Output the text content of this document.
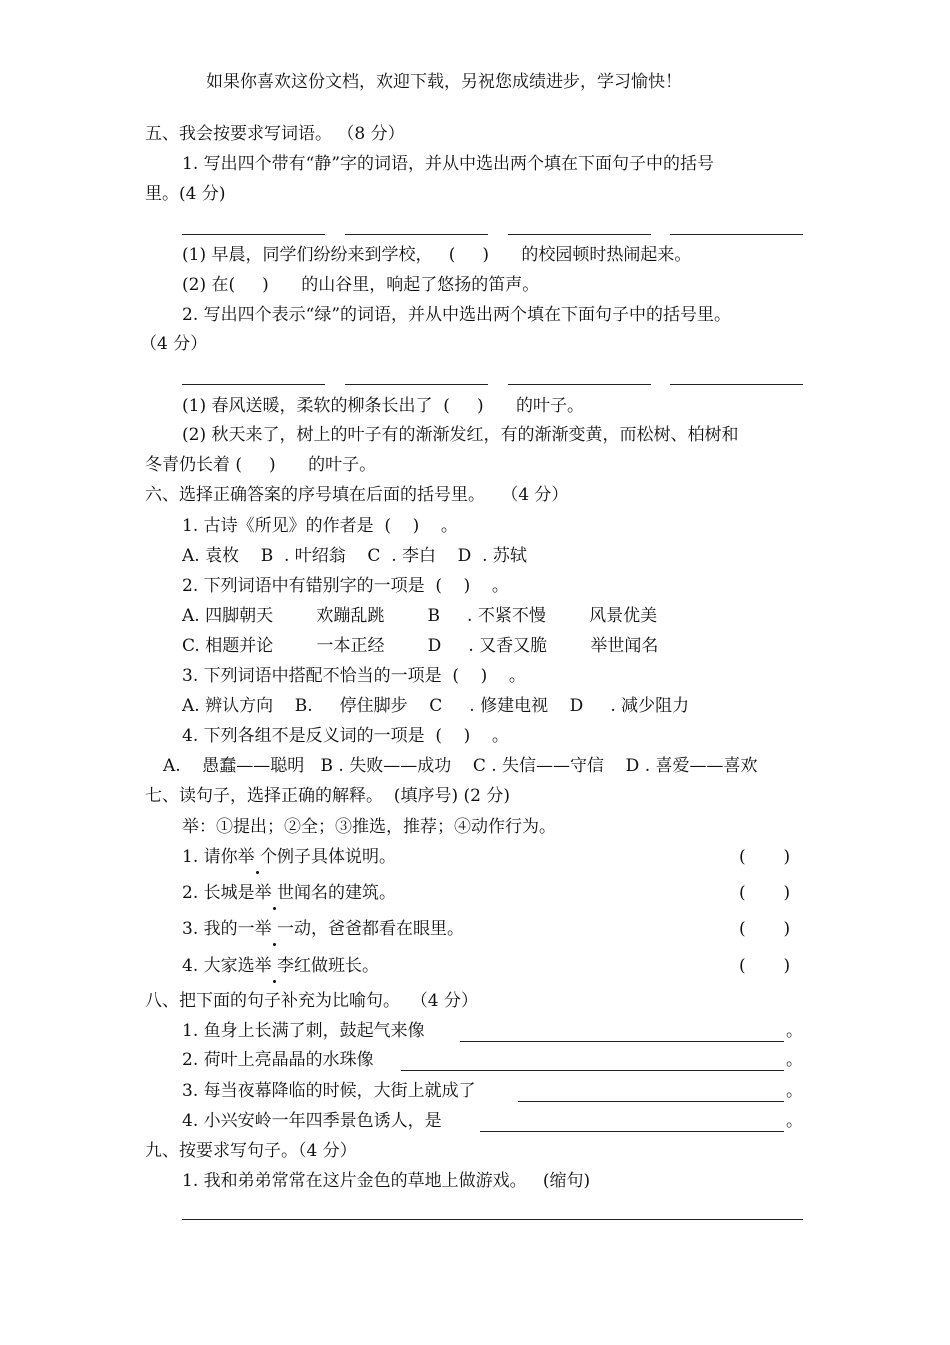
如果你喜欢这份文档，欢迎下载，另祝您成绩进步，学习愉快！
五、我会按要求写词语。 （8 分）
1. 写出四个带有“静”字的词语，并从中选出两个填在下面句子中的括号
里。(4 分)
(1) 早晨，同学们纷纷来到学校，   (     )      的校园顿时热闹起来。
(2) 在(     )      的山谷里，响起了悠扬的笛声。
2. 写出四个表示“绿”的词语，并从中选出两个填在下面句子中的括号里。
（4 分）
(1) 春风送暖，柔软的柳条长出了  (     )      的叶子。
(2) 秋天来了，树上的叶子有的渐渐发红，有的渐渐变黄，而松树、柏树和
冬青仍长着 (     )      的叶子。
六、选择正确答案的序号填在后面的括号里。   （4 分）
1. 古诗《所见》的作者是  (    )    。
A. 袁枚    B  . 叶绍翁    C  . 李白    D  . 苏轼
2. 下列词语中有错别字的一项是  (    )    。
A. 四脚朝天        欢蹦乱跳        B     . 不紧不慢        风景优美
C. 相题并论        一本正经        D     . 又香又脆        举世闻名
3. 下列词语中搭配不恰当的一项是  (    )    。
A. 辨认方向    B.     停住脚步    C     . 修建电视    D     . 减少阻力
4. 下列各组不是反义词的一项是  (    )    。
A.    愚蠢——聪明   B . 失败——成功    C . 失信——守信    D . 喜爱——喜欢
七、读句子，选择正确的解释。  (填序号) (2 分)
举：①提出；②全；③推选，推荐；④动作行为。
1. 请你举 个例子具体说明。	(       )
2. 长城是举 世闻名的建筑。	(       )
3. 我的一举 一动，爸爸都看在眼里。	(       )
4. 大家选举 李红做班长。	(       )
八、把下面的句子补充为比喻句。  （4 分）
1. 鱼身上长满了刺，鼓起气来像	。
2. 荷叶上亮晶晶的水珠像	。
3. 每当夜幕降临的时候，大街上就成了	。
4. 小兴安岭一年四季景色诱人，是	。
九、按要求写句子。（4 分）
1. 我和弟弟常常在这片金色的草地上做游戏。   (缩句)
